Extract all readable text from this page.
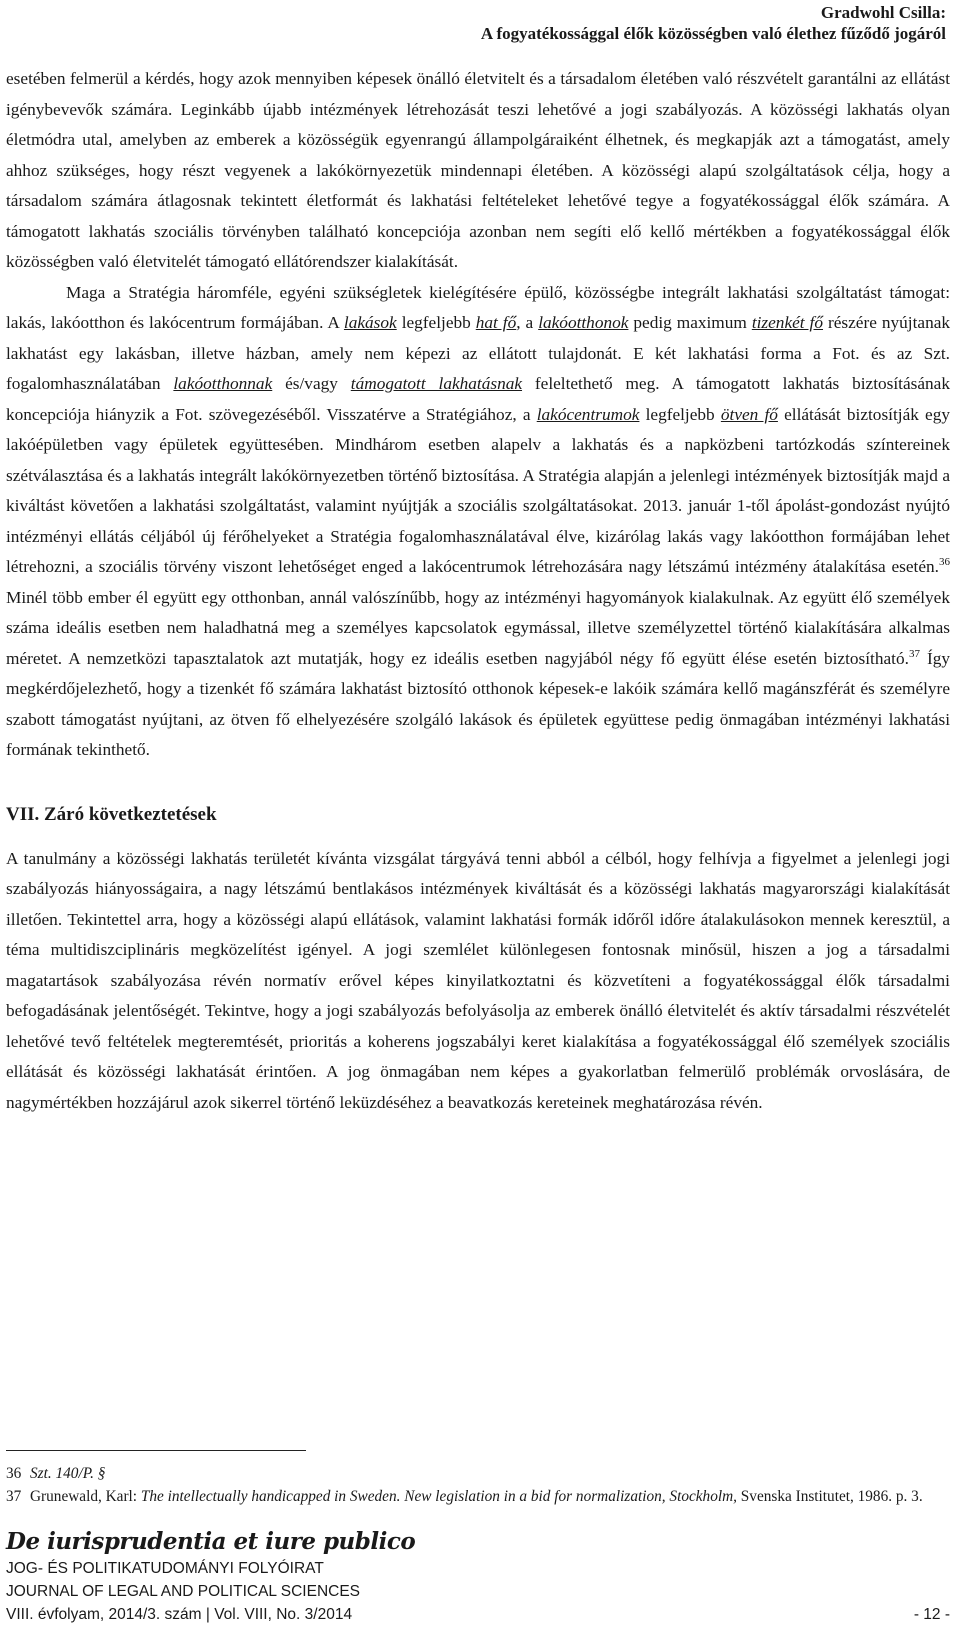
Gradwohl Csilla:
A fogyatékossággal élők közösségben való élethez fűződő jogáról

esetében felmerül a kérdés, hogy azok mennyiben képesek önálló életvitelt és a társadalom életében való részvételt garantálni az ellátást igénybevevők számára. Leginkább újabb intézmények létrehozását teszi lehetővé a jogi szabályozás. A közösségi lakhatás olyan életmódra utal, amelyben az emberek a közösségük egyenrangú állampolgáraiként élhetnek, és megkapják azt a támogatást, amely ahhoz szükséges, hogy részt vegyenek a lakókörnyezetük mindennapi életében. A közösségi alapú szolgáltatások célja, hogy a társadalom számára átlagosnak tekintett életformát és lakhatási feltételeket lehetővé tegye a fogyatékossággal élők számára. A támogatott lakhatás szociális törvényben található koncepciója azonban nem segíti elő kellő mértékben a fogyatékossággal élők közösségben való életvitelét támogató ellátórendszer kialakítását.

Maga a Stratégia háromféle, egyéni szükségletek kielégítésére épülő, közösségbe integrált lakhatási szolgáltatást támogat: lakás, lakóotthon és lakócentrum formájában. A lakások legfeljebb hat fő, a lakóotthonok pedig maximum tizenkét fő részére nyújtanak lakhatást egy lakásban, illetve házban, amely nem képezi az ellátott tulajdonát. E két lakhatási forma a Fot. és az Szt. fogalomhasználatában lakóotthonnak és/vagy támogatott lakhatásnak feleltethető meg. A támogatott lakhatás biztosításának koncepciója hiányzik a Fot. szövegezéséből. Visszatérve a Stratégiához, a lakócentrumok legfeljebb ötven fő ellátását biztosítják egy lakóépületben vagy épületek együttesében. Mindhárom esetben alapelv a lakhatás és a napközbeni tartózkodás színtereinek szétválasztása és a lakhatás integrált lakókörnyezetben történő biztosítása. A Stratégia alapján a jelenlegi intézmények biztosítják majd a kiváltást követően a lakhatási szolgáltatást, valamint nyújtják a szociális szolgáltatásokat. 2013. január 1-től ápolást-gondozást nyújtó intézményi ellátás céljából új férőhelyeket a Stratégia fogalomhasználatával élve, kizárólag lakás vagy lakóotthon formájában lehet létrehozni, a szociális törvény viszont lehetőséget enged a lakócentrumok létrehozására nagy létszámú intézmény átalakítása esetén.$^{36}$ Minél több ember él együtt egy otthonban, annál valószínűbb, hogy az intézményi hagyományok kialakulnak. Az együtt élő személyek száma ideális esetben nem haladhatná meg a személyes kapcsolatok egymással, illetve személyzettel történő kialakítására alkalmas méretet. A nemzetközi tapasztalatok azt mutatják, hogy ez ideális esetben nagyjából négy fő együtt élése esetén biztosítható.$^{37}$ Így megkérdőjelezhető, hogy a tizenkét fő számára lakhatást biztosító otthonok képesek-e lakóik számára kellő magánszférát és személyre szabott támogatást nyújtani, az ötven fő elhelyezésére szolgáló lakások és épületek együttese pedig önmagában intézményi lakhatási formának tekinthető.

VII. Záró következtetések

A tanulmány a közösségi lakhatás területét kívánta vizsgálat tárgyává tenni abból a célból, hogy felhívja a figyelmet a jelenlegi jogi szabályozás hiányosságaira, a nagy létszámú bentlakásos intézmények kiváltását és a közösségi lakhatás magyarországi kialakítását illetően. Tekintettel arra, hogy a közösségi alapú ellátások, valamint lakhatási formák időről időre átalakulásokon mennek keresztül, a téma multidiszciplináris megközelítést igényel. A jogi szemlélet különlegesen fontosnak minősül, hiszen a jog a társadalmi magatartások szabályozása révén normatív erővel képes kinyilatkoztatni és közvetíteni a fogyatékossággal élők társadalmi befogadásának jelentőségét. Tekintve, hogy a jogi szabályozás befolyásolja az emberek önálló életvitelét és aktív társadalmi részvételét lehetővé tevő feltételek megteremtését, prioritás a koherens jogszabályi keret kialakítása a fogyatékossággal élő személyek szociális ellátását és közösségi lakhatását érintően. A jog önmagában nem képes a gyakorlatban felmerülő problémák orvoslására, de nagymértékben hozzájárul azok sikerrel történő leküzdéséhez a beavatkozás kereteinek meghatározása révén.

36 Szt. 140/P. §
37 Grunewald, Karl: The intellectually handicapped in Sweden. New legislation in a bid for normalization, Stockholm, Svenska Institutet, 1986. p. 3.
De iurisprudentia et iure publico
JOG- ÉS POLITIKATUDOMÁNYI FOLYÓIRAT
JOURNAL OF LEGAL AND POLITICAL SCIENCES
VIII. évfolyam, 2014/3. szám | Vol. VIII, No. 3/2014	- 12 -
